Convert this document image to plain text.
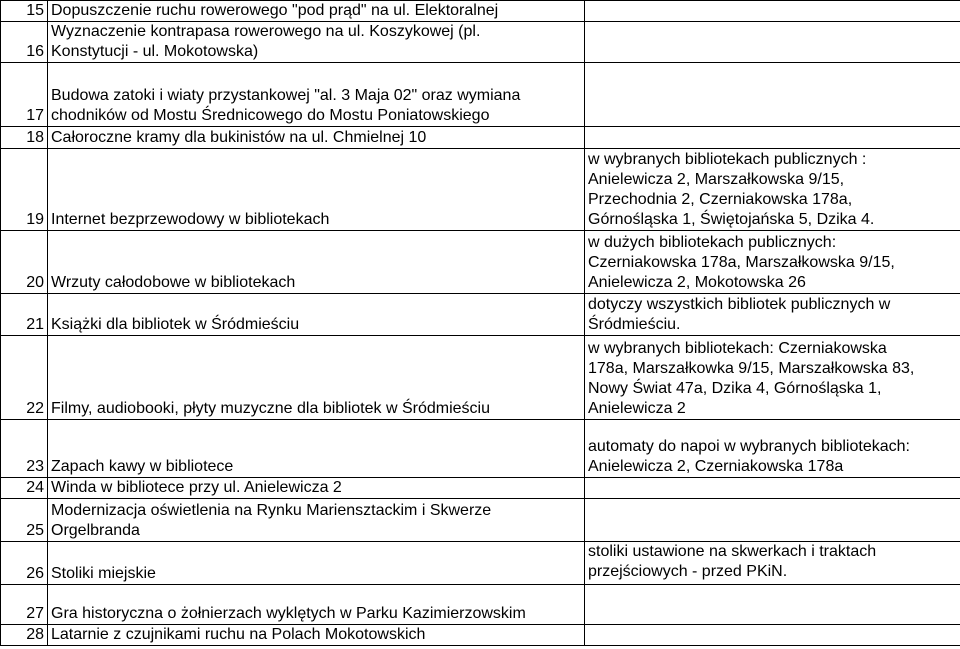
15	Dopuszczenie ruchu rowerowego "pod prąd" na ul. Elektoralnej	
16	Wyznaczenie kontrapasa rowerowego na ul. Koszykowej (pl.
Konstytucji - ul. Mokotowska)	
17	Budowa zatoki i wiaty przystankowej "al. 3 Maja 02" oraz wymiana
chodników od Mostu Średnicowego do Mostu Poniatowskiego	
18	Całoroczne kramy dla bukinistów na ul. Chmielnej 10	
19	Internet bezprzewodowy w bibliotekach	w wybranych bibliotekach publicznych :
Anielewicza 2, Marszałkowska 9/15,
Przechodnia 2, Czerniakowska 178a,
Górnośląska 1, Świętojańska 5, Dzika 4.
20	Wrzuty całodobowe w bibliotekach	w dużych bibliotekach publicznych:
Czerniakowska 178a, Marszałkowska 9/15,
Anielewicza 2, Mokotowska 26
21	Książki dla bibliotek w Śródmieściu	dotyczy wszystkich bibliotek publicznych w
Śródmieściu.
22	Filmy, audiobooki, płyty muzyczne dla bibliotek w Śródmieściu	w wybranych bibliotekach: Czerniakowska
178a, Marszałkowka 9/15, Marszałkowska 83,
Nowy Świat 47a, Dzika 4, Górnośląska 1,
Anielewicza 2
23	Zapach kawy w bibliotece	automaty do napoi w wybranych bibliotekach:
Anielewicza 2, Czerniakowska 178a
24	Winda w bibliotece przy ul. Anielewicza 2	
25	Modernizacja oświetlenia na Rynku Mariensztackim i Skwerze
Orgelbranda	
26	Stoliki miejskie	stoliki ustawione na skwerkach i traktach
przejściowych - przed PKiN.
27	Gra historyczna o żołnierzach wyklętych w Parku Kazimierzowskim	
28	Latarnie z czujnikami ruchu na Polach Mokotowskich	
